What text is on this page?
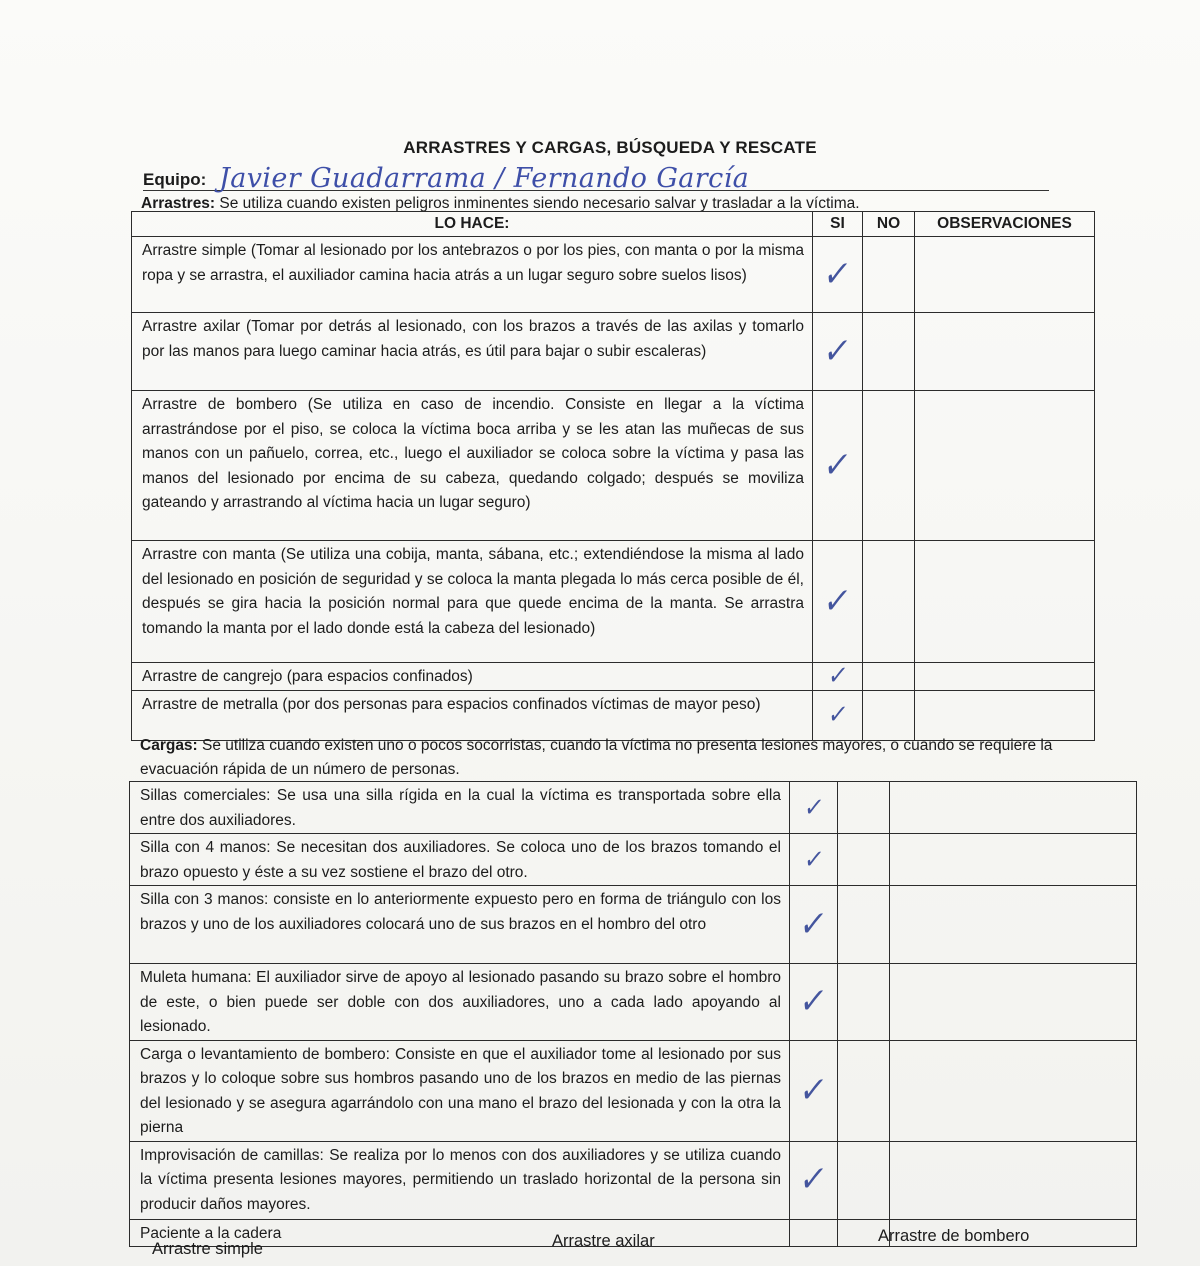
ARRASTRES Y CARGAS, BÚSQUEDA Y RESCATE
Equipo: Javier Guadarrama / Fernando García
Arrastres: Se utiliza cuando existen peligros inminentes siendo necesario salvar y trasladar a la víctima.
LO HACE:	SI	NO	OBSERVACIONES
Arrastre simple (Tomar al lesionado por los antebrazos o por los pies, con manta o por la misma ropa y se arrastra, el auxiliador camina hacia atrás a un lugar seguro sobre suelos lisos)	✓		
Arrastre axilar (Tomar por detrás al lesionado, con los brazos a través de las axilas y tomarlo por las manos para luego caminar hacia atrás, es útil para bajar o subir escaleras)	✓		
Arrastre de bombero (Se utiliza en caso de incendio. Consiste en llegar a la víctima arrastrándose por el piso, se coloca la víctima boca arriba y se les atan las muñecas de sus manos con un pañuelo, correa, etc., luego el auxiliador se coloca sobre la víctima y pasa las manos del lesionado por encima de su cabeza, quedando colgado; después se moviliza gateando y arrastrando al víctima hacia un lugar seguro)	✓		
Arrastre con manta (Se utiliza una cobija, manta, sábana, etc.; extendiéndose la misma al lado del lesionado en posición de seguridad y se coloca la manta plegada lo más cerca posible de él, después se gira hacia la posición normal para que quede encima de la manta. Se arrastra tomando la manta por el lado donde está la cabeza del lesionado)	✓		
Arrastre de cangrejo (para espacios confinados)	✓		
Arrastre de metralla (por dos personas para espacios confinados víctimas de mayor peso)	✓		
Cargas: Se utiliza cuando existen uno o pocos socorristas, cuando la víctima no presenta lesiones mayores, o cuando se requiere la evacuación rápida de un número de personas.
Sillas comerciales: Se usa una silla rígida en la cual la víctima es transportada sobre ella entre dos auxiliadores.	✓		
Silla con 4 manos: Se necesitan dos auxiliadores. Se coloca uno de los brazos tomando el brazo opuesto y éste a su vez sostiene el brazo del otro.	✓		
Silla con 3 manos: consiste en lo anteriormente expuesto pero en forma de triángulo con los brazos y uno de los auxiliadores colocará uno de sus brazos en el hombro del otro	✓		
Muleta humana: El auxiliador sirve de apoyo al lesionado pasando su brazo sobre el hombro de este, o bien puede ser doble con dos auxiliadores, uno a cada lado apoyando al lesionado.	✓		
Carga o levantamiento de bombero: Consiste en que el auxiliador tome al lesionado por sus brazos y lo coloque sobre sus hombros pasando uno de los brazos en medio de las piernas del lesionado y se asegura agarrándolo con una mano el brazo del lesionada y con la otra la pierna	✓		
Improvisación de camillas: Se realiza por lo menos con dos auxiliadores y se utiliza cuando la víctima presenta lesiones mayores, permitiendo un traslado horizontal de la persona sin producir daños mayores.	✓		
Paciente a la cadera			
Arrastre simple	Arrastre axilar	Arrastre de bombero
